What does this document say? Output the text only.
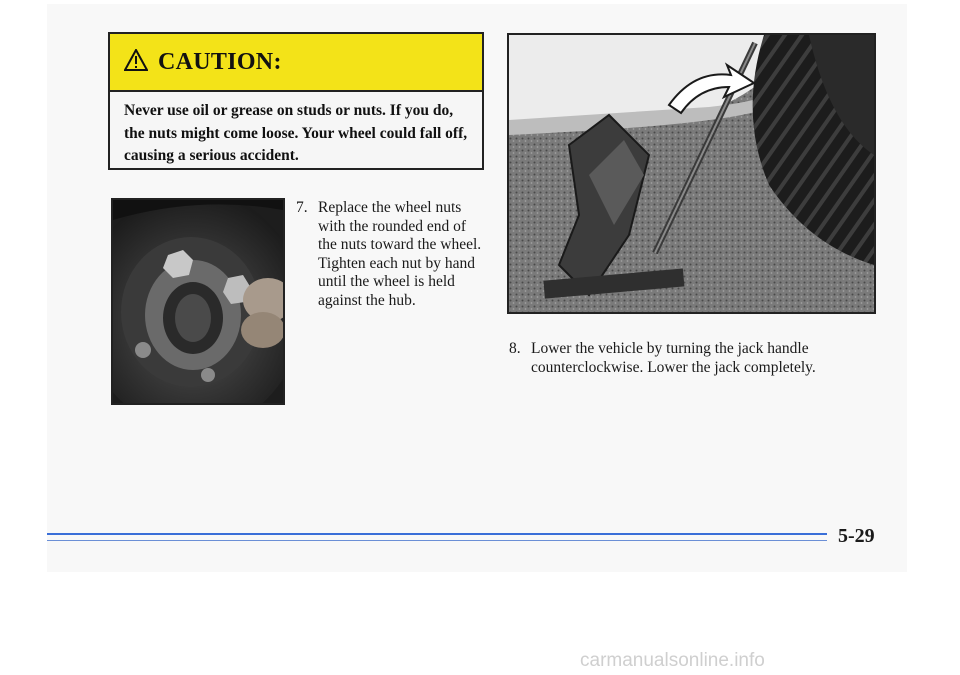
CAUTION:
Never use oil or grease on studs or nuts. If you do, the nuts might come loose. Your wheel could fall off, causing a serious accident.
7. Replace the wheel nuts with the rounded end of the nuts toward the wheel. Tighten each nut by hand until the wheel is held against the hub.
8. Lower the vehicle by turning the jack handle counterclockwise. Lower the jack completely.
5-29
carmanualsonline.info
